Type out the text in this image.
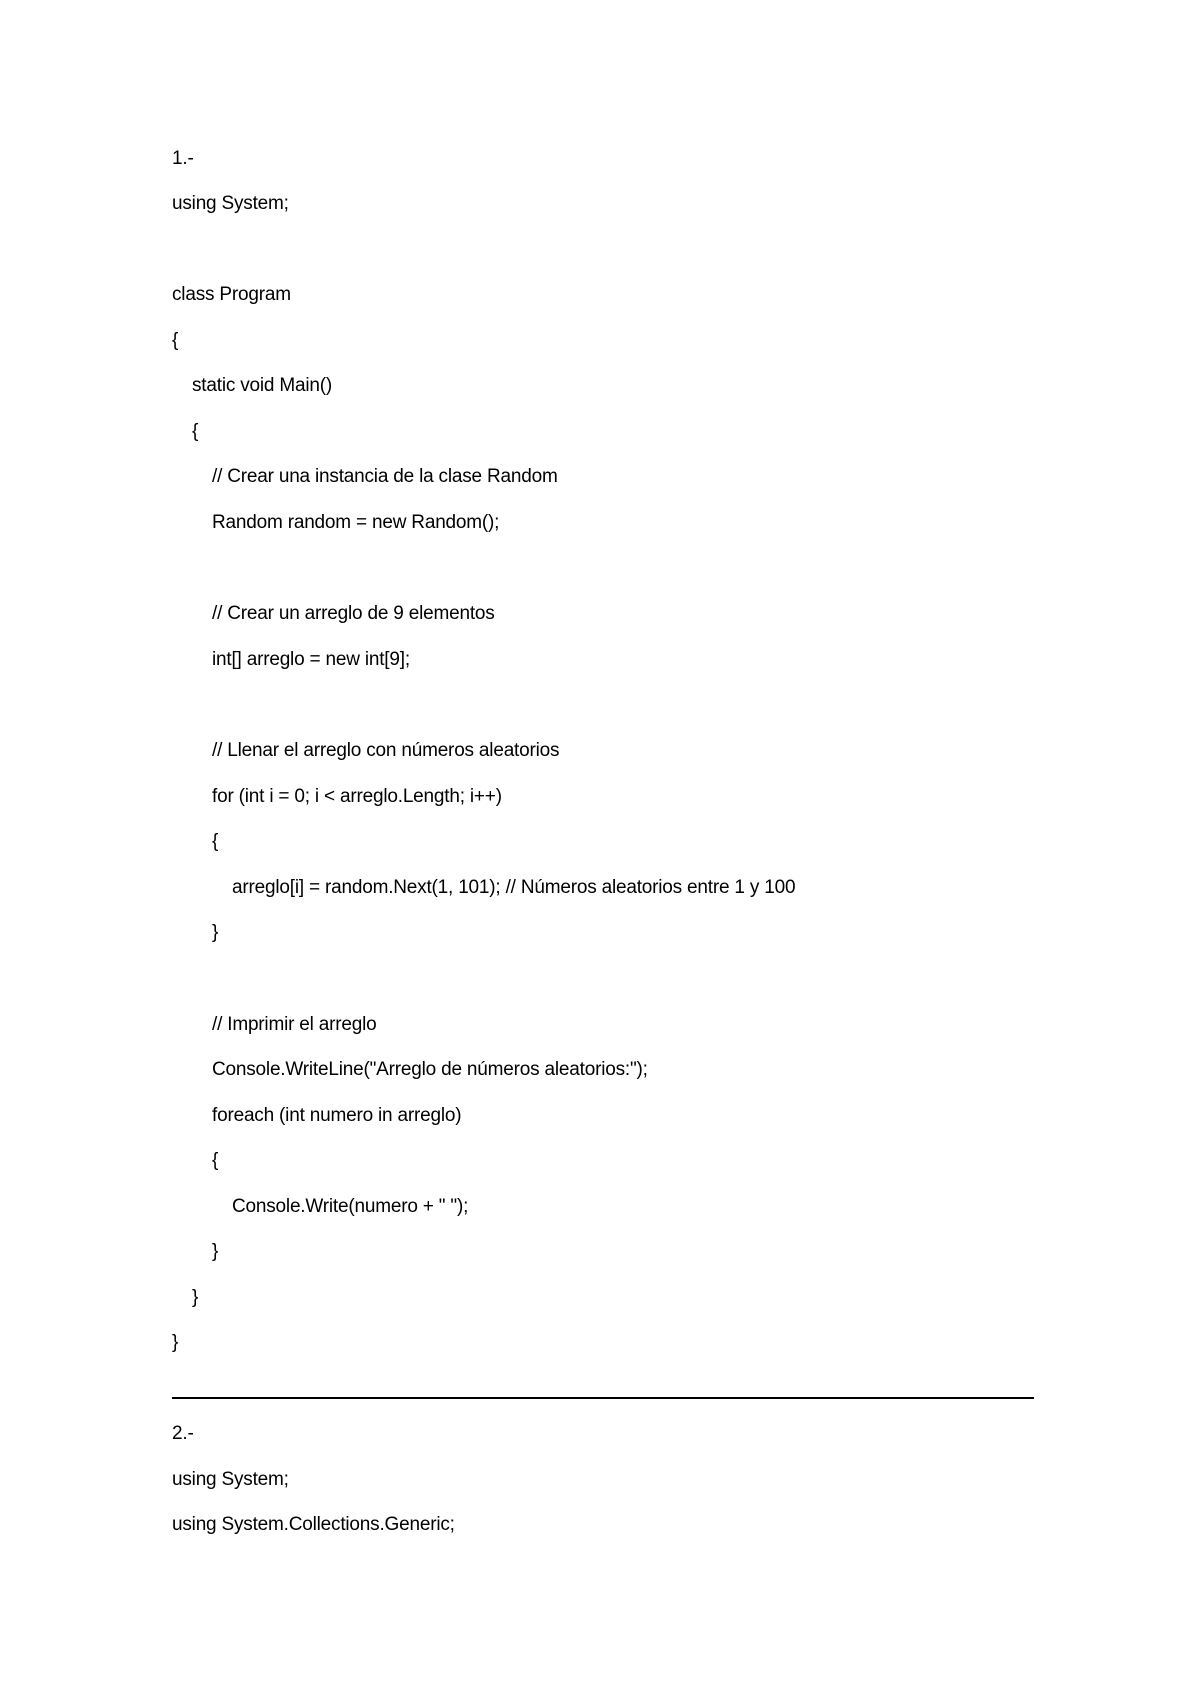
1.-
using System;
class Program
{
static void Main()
{
// Crear una instancia de la clase Random
Random random = new Random();
// Crear un arreglo de 9 elementos
int[] arreglo = new int[9];
// Llenar el arreglo con números aleatorios
for (int i = 0; i < arreglo.Length; i++)
{
arreglo[i] = random.Next(1, 101); // Números aleatorios entre 1 y 100
}
// Imprimir el arreglo
Console.WriteLine("Arreglo de números aleatorios:");
foreach (int numero in arreglo)
{
Console.Write(numero + " ");
}
}
}
2.-
using System;
using System.Collections.Generic;
